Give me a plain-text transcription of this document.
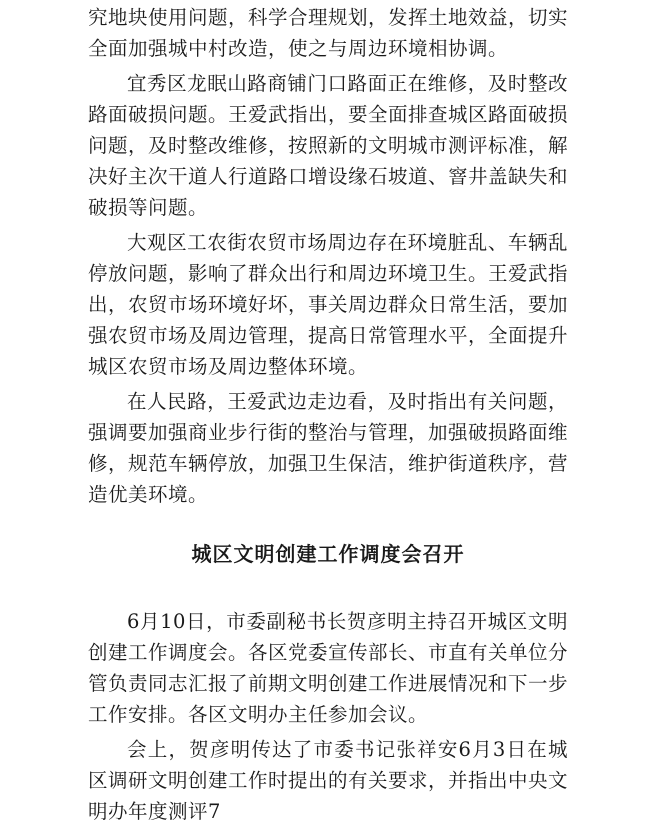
究地块使用问题，科学合理规划，发挥土地效益，切实全面加强城中村改造，使之与周边环境相协调。

宜秀区龙眠山路商铺门口路面正在维修，及时整改路面破损问题。王爱武指出，要全面排查城区路面破损问题，及时整改维修，按照新的文明城市测评标准，解决好主次干道人行道路口增设缘石坡道、窨井盖缺失和破损等问题。

大观区工农街农贸市场周边存在环境脏乱、车辆乱停放问题，影响了群众出行和周边环境卫生。王爱武指出，农贸市场环境好坏，事关周边群众日常生活，要加强农贸市场及周边管理，提高日常管理水平，全面提升城区农贸市场及周边整体环境。

在人民路，王爱武边走边看，及时指出有关问题，强调要加强商业步行街的整治与管理，加强破损路面维修，规范车辆停放，加强卫生保洁，维护街道秩序，营造优美环境。

城区文明创建工作调度会召开

6月10日，市委副秘书长贺彦明主持召开城区文明创建工作调度会。各区党委宣传部长、市直有关单位分管负责同志汇报了前期文明创建工作进展情况和下一步工作安排。各区文明办主任参加会议。

会上，贺彦明传达了市委书记张祥安6月3日在城区调研文明创建工作时提出的有关要求，并指出中央文明办年度测评7
